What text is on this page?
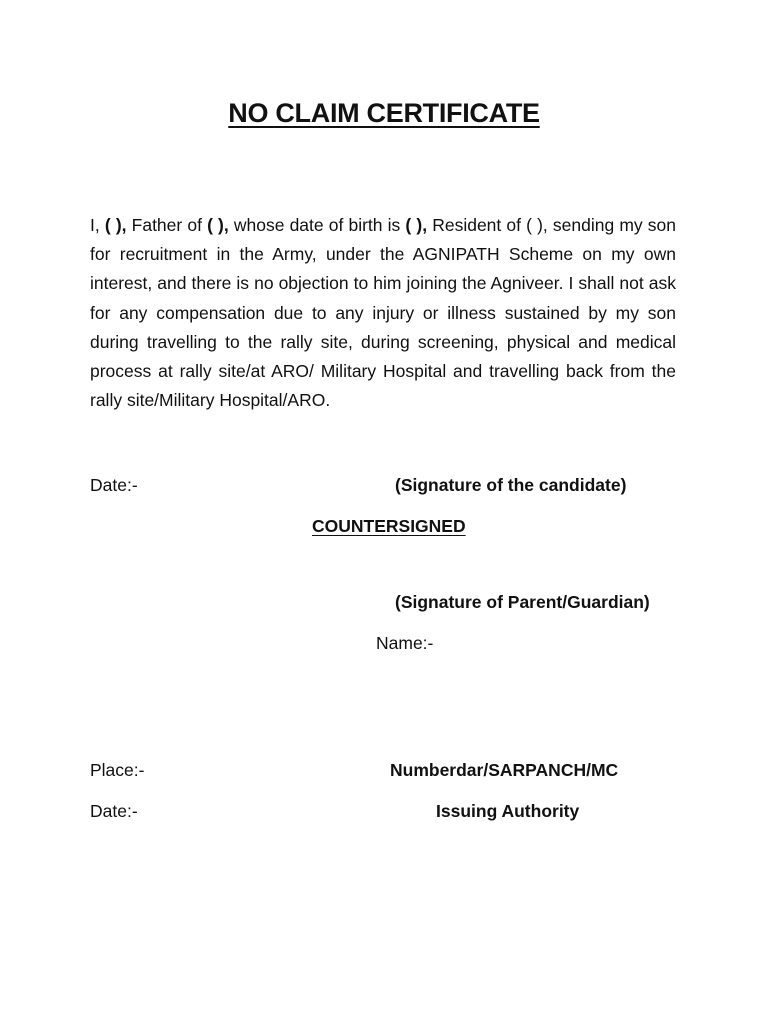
NO CLAIM CERTIFICATE
I, ( ), Father of ( ), whose date of birth is ( ), Resident of ( ), sending my son for recruitment in the Army, under the AGNIPATH Scheme on my own interest, and there is no objection to him joining the Agniveer. I shall not ask for any compensation due to any injury or illness sustained by my son during travelling to the rally site, during screening, physical and medical process at rally site/at ARO/ Military Hospital and travelling back from the rally site/Military Hospital/ARO.
Date:-	(Signature of the candidate)
COUNTERSIGNED
(Signature of Parent/Guardian)
Name:-
Place:-	Numberdar/SARPANCH/MC
Date:-	Issuing Authority
